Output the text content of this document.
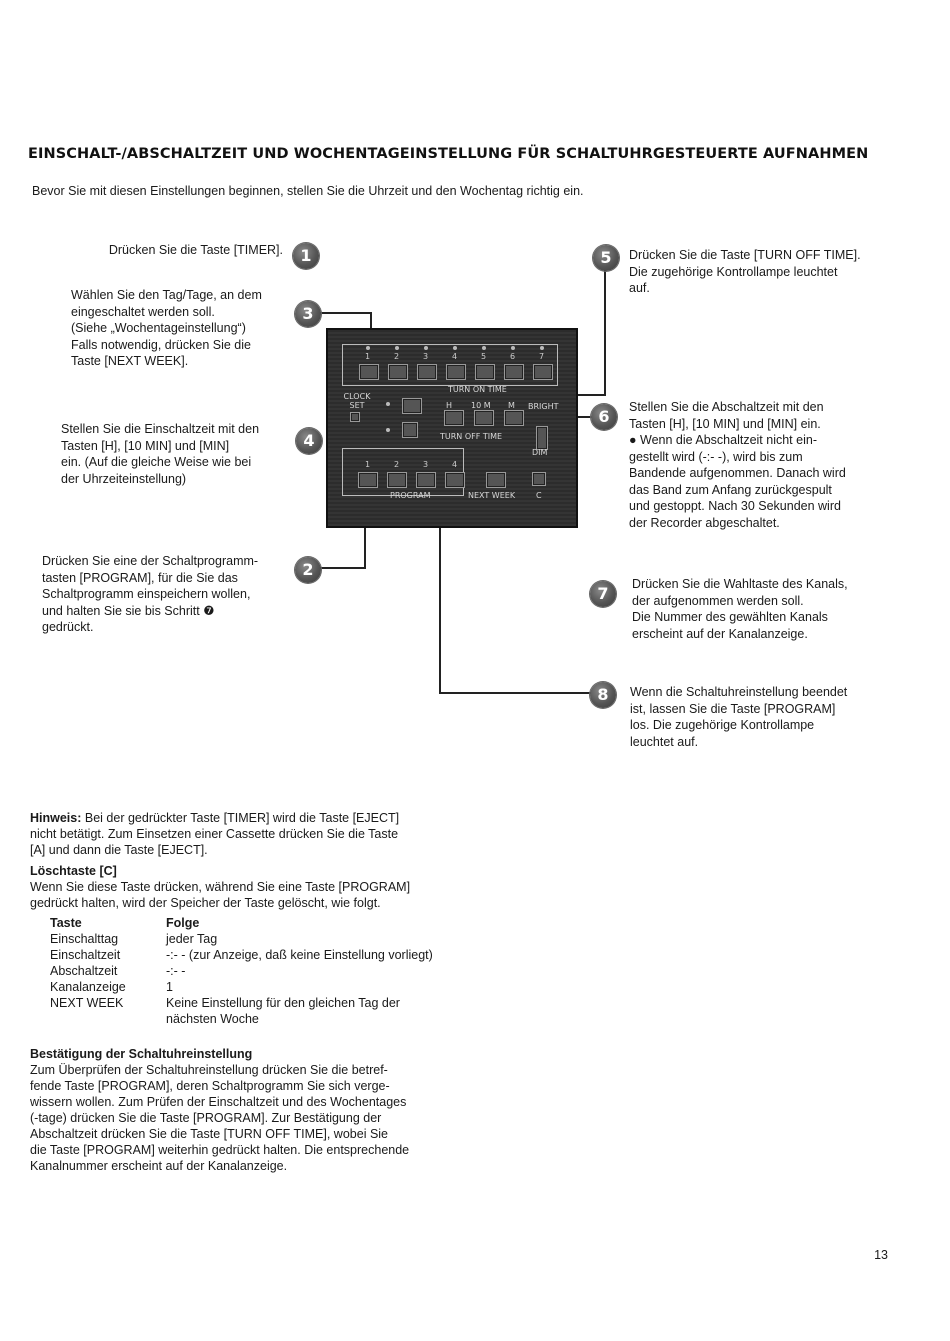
EINSCHALT-/ABSCHALTZEIT UND WOCHENTAGEINSTELLUNG FÜR SCHALTUHRGESTEUERTE AUFNAHMEN
Bevor Sie mit diesen Einstellungen beginnen, stellen Sie die Uhrzeit und den Wochentag richtig ein.
Drücken Sie die Taste [TIMER].
Wählen Sie den Tag/Tage, an dem
eingeschaltet werden soll.
(Siehe „Wochentageinstellung“)
Falls notwendig, drücken Sie die
Taste [NEXT WEEK].
Stellen Sie die Einschaltzeit mit den
Tasten [H], [10 MIN] und [MIN]
ein. (Auf die gleiche Weise wie bei
der Uhrzeiteinstellung)
Drücken Sie eine der Schaltprogramm-
tasten [PROGRAM], für die Sie das
Schaltprogramm einspeichern wollen,
und halten Sie sie bis Schritt ❼
gedrückt.
Drücken Sie die Taste [TURN OFF TIME].
Die zugehörige Kontrollampe leuchtet
auf.
Stellen Sie die Abschaltzeit mit den
Tasten [H], [10 MIN] und [MIN] ein.
● Wenn die Abschaltzeit nicht ein-
gestellt wird (-:- -), wird bis zum
Bandende aufgenommen. Danach wird
das Band zum Anfang zurückgespult
und gestoppt. Nach 30 Sekunden wird
der Recorder abgeschaltet.
Drücken Sie die Wahltaste des Kanals,
der aufgenommen werden soll.
Die Nummer des gewählten Kanals
erscheint auf der Kanalanzeige.
Wenn die Schaltuhreinstellung beendet
ist, lassen Sie die Taste [PROGRAM]
los. Die zugehörige Kontrollampe
leuchtet auf.
1
3
4
2
5
6
7
8
1	2	3	4	5	6	7
CLOCK SET
TURN ON TIME
H 10 M M BRIGHT
TURN OFF TIME
DIM
1	2	3	4
PROGRAM	NEXT WEEK	C
Hinweis: Bei der gedrückter Taste [TIMER] wird die Taste [EJECT]
nicht betätigt. Zum Einsetzen einer Cassette drücken Sie die Taste
[A] und dann die Taste [EJECT].
Löschtaste [C]
Wenn Sie diese Taste drücken, während Sie eine Taste [PROGRAM]
gedrückt halten, wird der Speicher der Taste gelöscht, wie folgt.
Taste	Folge
Einschalttag	jeder Tag
Einschaltzeit	-:- - (zur Anzeige, daß keine Einstellung vorliegt)
Abschaltzeit	-:- -
Kanalanzeige	1
NEXT WEEK	Keine Einstellung für den gleichen Tag der
	nächsten Woche
Bestätigung der Schaltuhreinstellung
Zum Überprüfen der Schaltuhreinstellung drücken Sie die betref-
fende Taste [PROGRAM], deren Schaltprogramm Sie sich verge-
wissern wollen. Zum Prüfen der Einschaltzeit und des Wochentages
(-tage) drücken Sie die Taste [PROGRAM]. Zur Bestätigung der
Abschaltzeit drücken Sie die Taste [TURN OFF TIME], wobei Sie
die Taste [PROGRAM] weiterhin gedrückt halten. Die entsprechende
Kanalnummer erscheint auf der Kanalanzeige.
13
